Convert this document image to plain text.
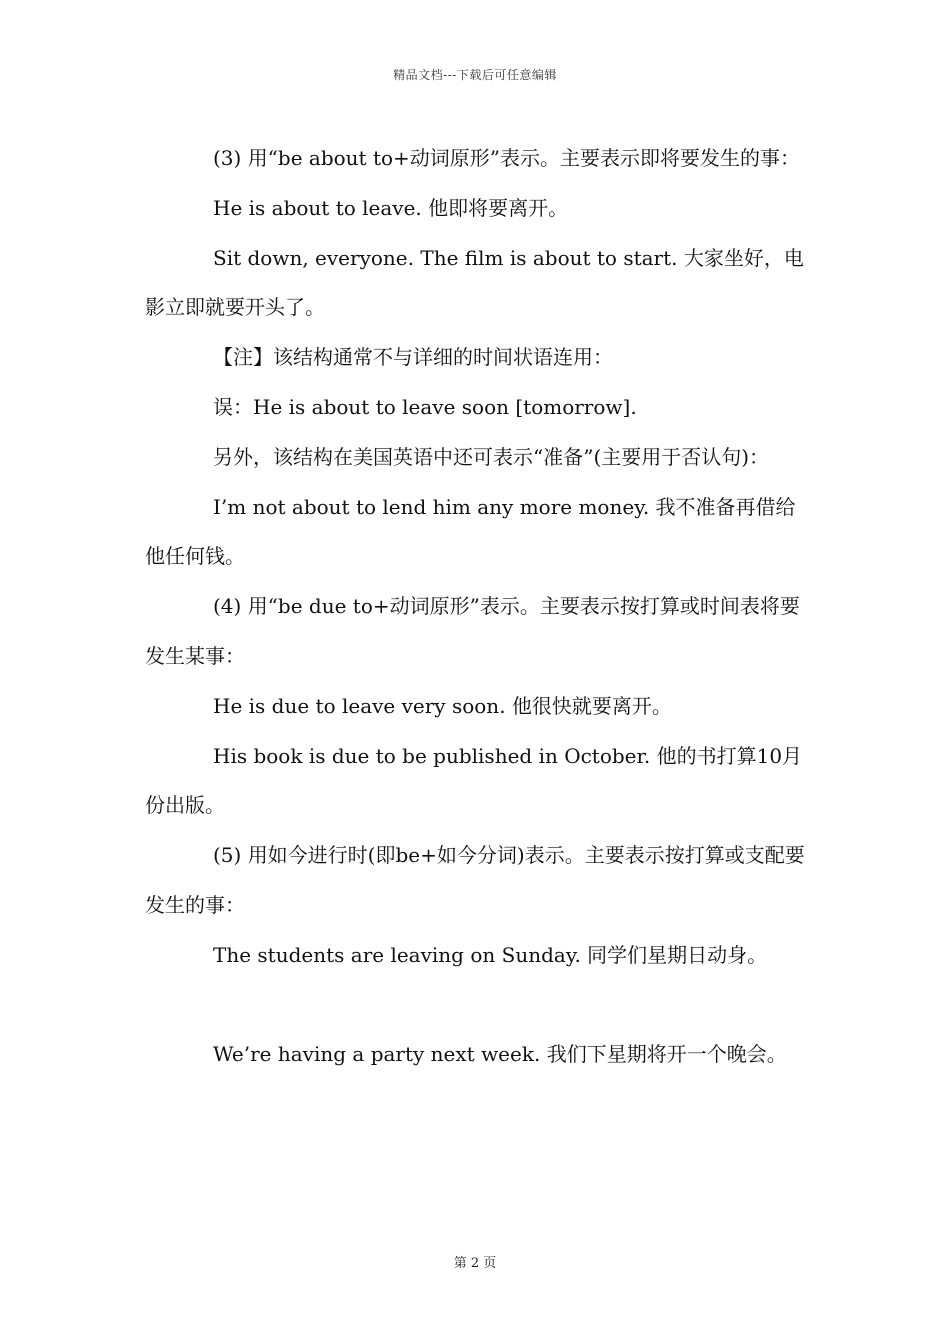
精品文档---下载后可任意编辑

(3) 用“be about to+动词原形”表示。主要表示即将要发生的事：

He is about to leave. 他即将要离开。

Sit down, everyone. The film is about to start. 大家坐好，电影立即就要开头了。

【注】该结构通常不与详细的时间状语连用：

误：He is about to leave soon [tomorrow].

另外，该结构在美国英语中还可表示“准备”(主要用于否认句)：

I’m not about to lend him any more money. 我不准备再借给他任何钱。

(4) 用“be due to+动词原形”表示。主要表示按打算或时间表将要发生某事：

He is due to leave very soon. 他很快就要离开。

His book is due to be published in October. 他的书打算10月份出版。

(5) 用如今进行时(即be+如今分词)表示。主要表示按打算或支配要发生的事：

The students are leaving on Sunday. 同学们星期日动身。

We’re having a party next week. 我们下星期将开一个晚会。

第 2 页
